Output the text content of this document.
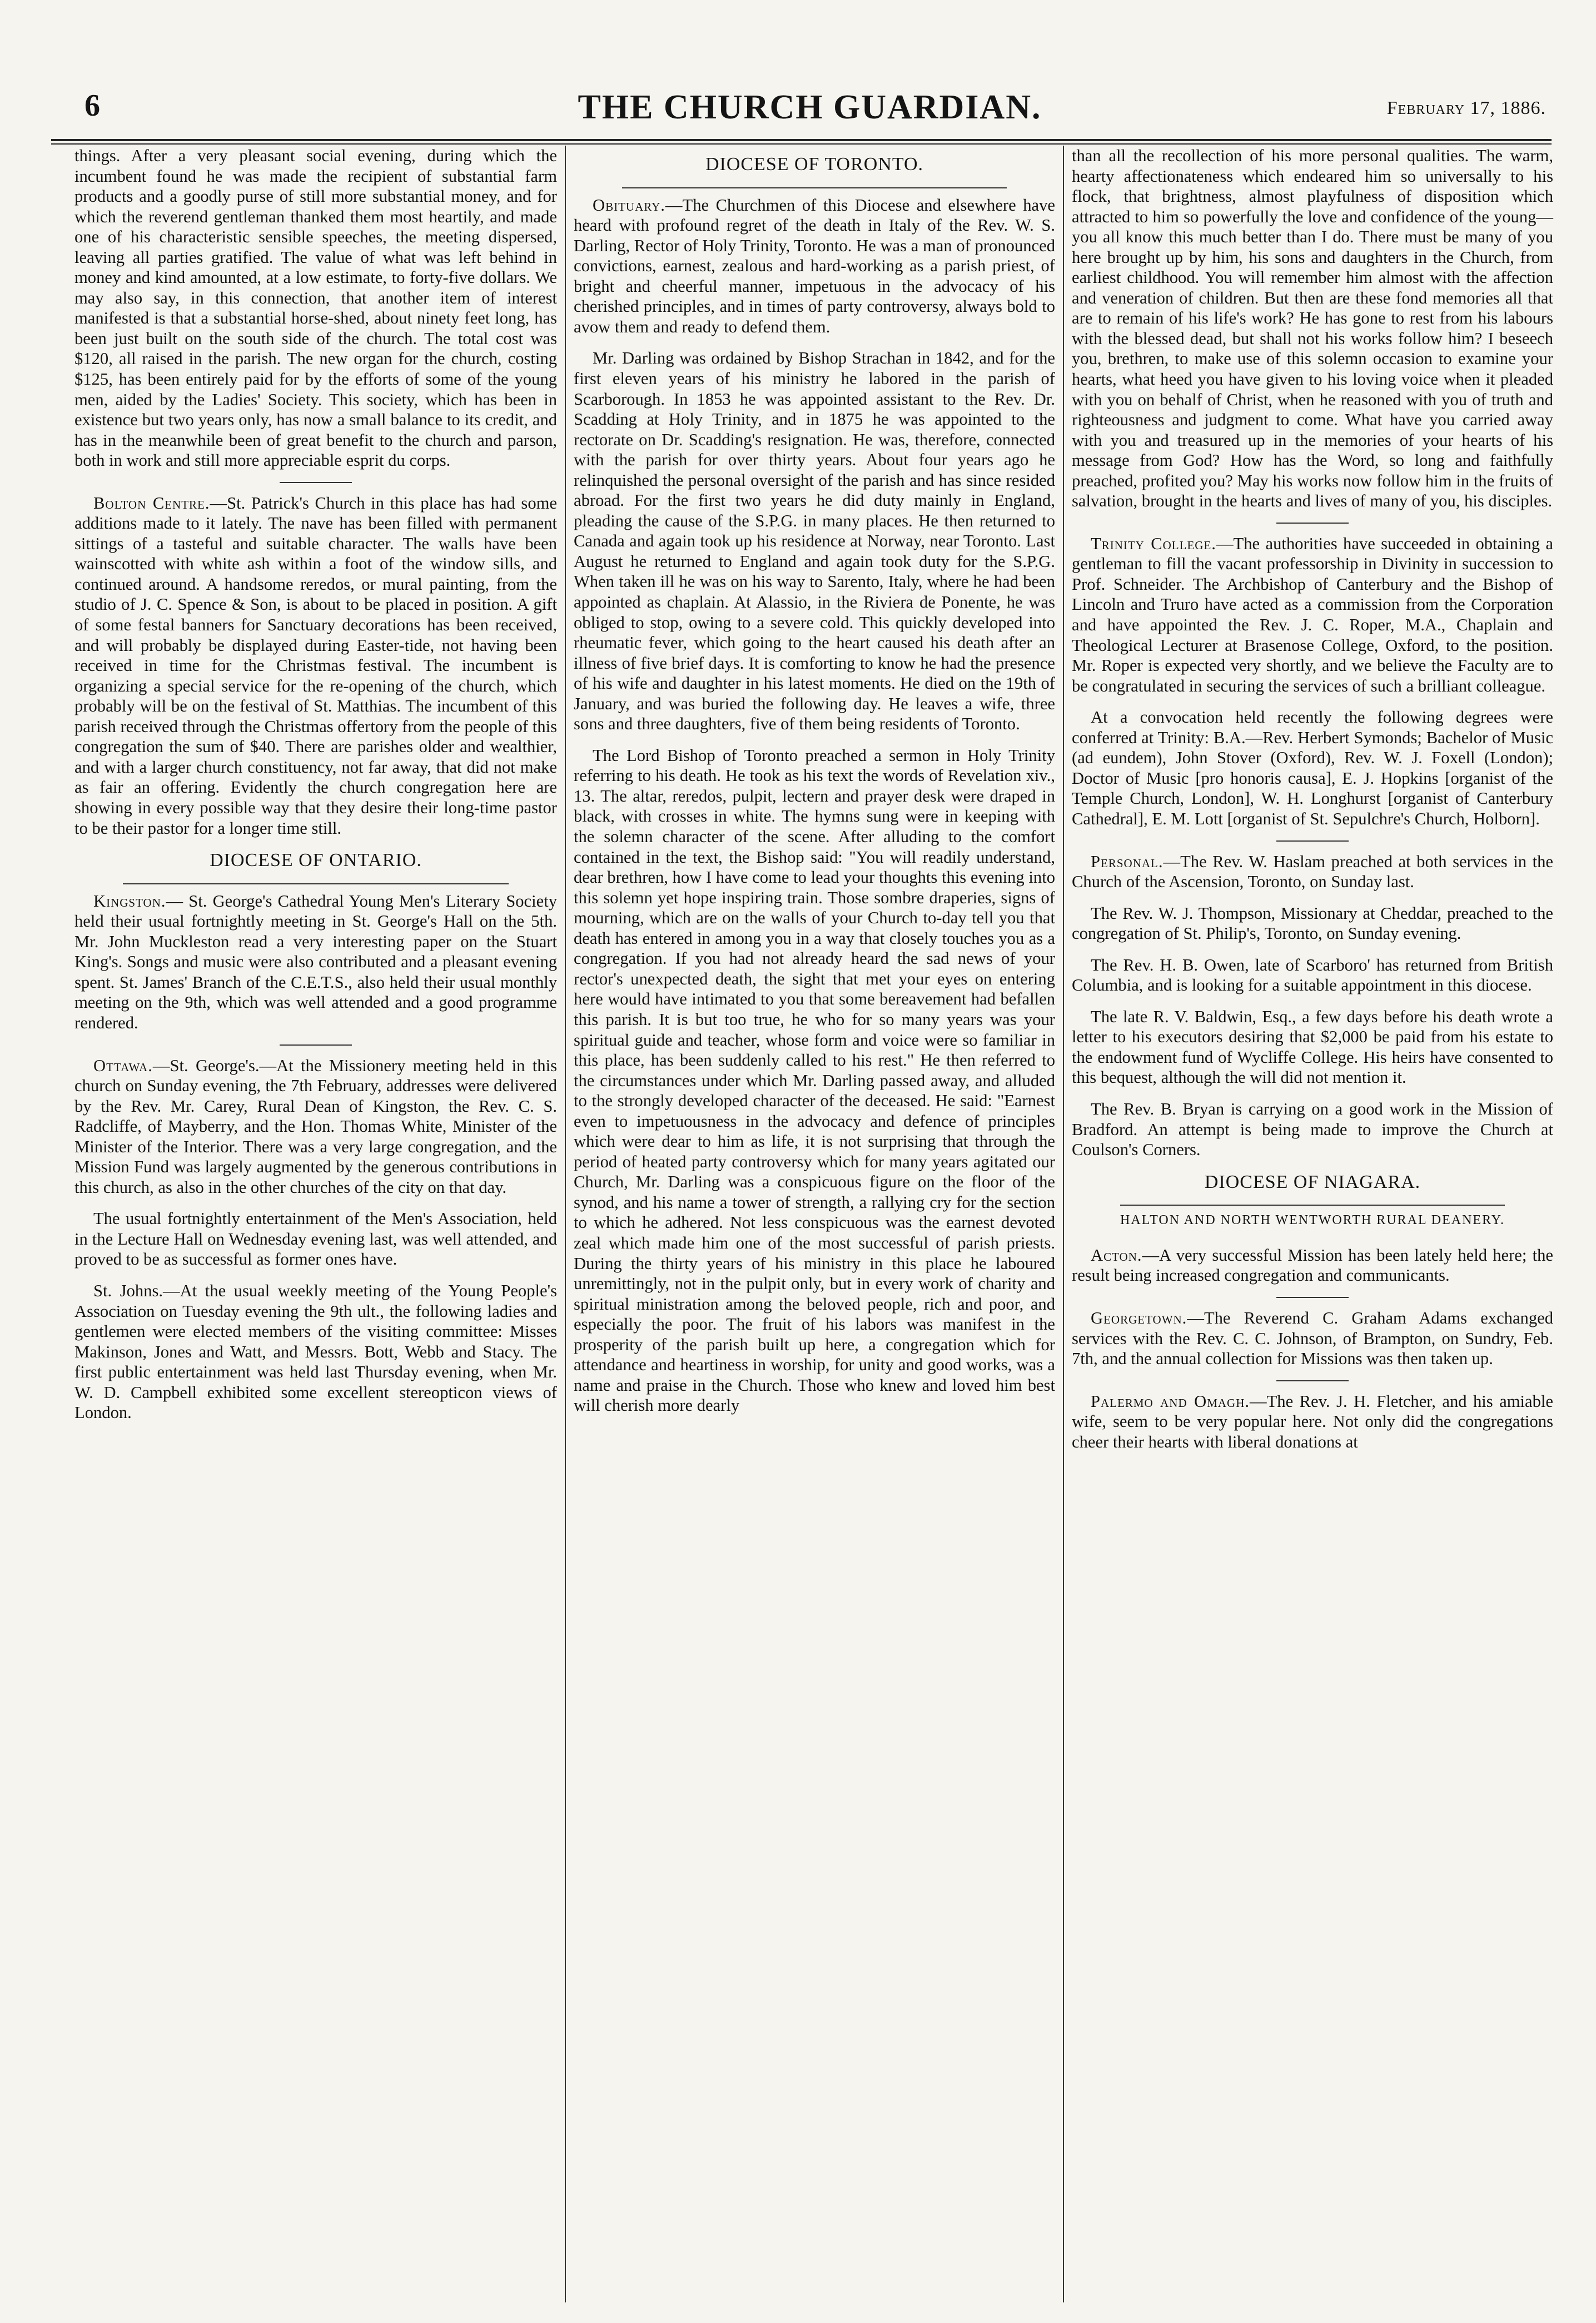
6	THE CHURCH GUARDIAN.	February 17, 1886.

things. After a very pleasant social evening, during which the incumbent found he was made the recipient of substantial farm products and a goodly purse of still more substantial money, and for which the reverend gentleman thanked them most heartily, and made one of his characteristic sensible speeches, the meeting dispersed, leaving all parties gratified. The value of what was left behind in money and kind amounted, at a low estimate, to forty-five dollars. We may also say, in this connection, that another item of interest manifested is that a substantial horse-shed, about ninety feet long, has been just built on the south side of the church. The total cost was $120, all raised in the parish. The new organ for the church, costing $125, has been entirely paid for by the efforts of some of the young men, aided by the Ladies' Society. This society, which has been in existence but two years only, has now a small balance to its credit, and has in the meanwhile been of great benefit to the church and parson, both in work and still more appreciable esprit du corps.

Bolton Centre.—St. Patrick's Church in this place has had some additions made to it lately. The nave has been filled with permanent sittings of a tasteful and suitable character. The walls have been wainscotted with white ash within a foot of the window sills, and continued around. A handsome reredos, or mural painting, from the studio of J. C. Spence & Son, is about to be placed in position. A gift of some festal banners for Sanctuary decorations has been received, and will probably be displayed during Easter-tide, not having been received in time for the Christmas festival. The incumbent is organizing a special service for the re-opening of the church, which probably will be on the festival of St. Matthias. The incumbent of this parish received through the Christmas offertory from the people of this congregation the sum of $40. There are parishes older and wealthier, and with a larger church constituency, not far away, that did not make as fair an offering. Evidently the church congregation here are showing in every possible way that they desire their long-time pastor to be their pastor for a longer time still.

DIOCESE OF ONTARIO.

Kingston.— St. George's Cathedral Young Men's Literary Society held their usual fortnightly meeting in St. George's Hall on the 5th. Mr. John Muckleston read a very interesting paper on the Stuart King's. Songs and music were also contributed and a pleasant evening spent. St. James' Branch of the C.E.T.S., also held their usual monthly meeting on the 9th, which was well attended and a good programme rendered.

Ottawa.—St. George's.—At the Missionery meeting held in this church on Sunday evening, the 7th February, addresses were delivered by the Rev. Mr. Carey, Rural Dean of Kingston, the Rev. C. S. Radcliffe, of Mayberry, and the Hon. Thomas White, Minister of the Minister of the Interior. There was a very large congregation, and the Mission Fund was largely augmented by the generous contributions in this church, as also in the other churches of the city on that day.

The usual fortnightly entertainment of the Men's Association, held in the Lecture Hall on Wednesday evening last, was well attended, and proved to be as successful as former ones have.

St. Johns.—At the usual weekly meeting of the Young People's Association on Tuesday evening the 9th ult., the following ladies and gentlemen were elected members of the visiting committee: Misses Makinson, Jones and Watt, and Messrs. Bott, Webb and Stacy. The first public entertainment was held last Thursday evening, when Mr. W. D. Campbell exhibited some excellent stereopticon views of London.

DIOCESE OF TORONTO.

Obituary.—The Churchmen of this Diocese and elsewhere have heard with profound regret of the death in Italy of the Rev. W. S. Darling, Rector of Holy Trinity, Toronto. He was a man of pronounced convictions, earnest, zealous and hard-working as a parish priest, of bright and cheerful manner, impetuous in the advocacy of his cherished principles, and in times of party controversy, always bold to avow them and ready to defend them.

Mr. Darling was ordained by Bishop Strachan in 1842, and for the first eleven years of his ministry he labored in the parish of Scarborough. In 1853 he was appointed assistant to the Rev. Dr. Scadding at Holy Trinity, and in 1875 he was appointed to the rectorate on Dr. Scadding's resignation. He was, therefore, connected with the parish for over thirty years. About four years ago he relinquished the personal oversight of the parish and has since resided abroad. For the first two years he did duty mainly in England, pleading the cause of the S.P.G. in many places. He then returned to Canada and again took up his residence at Norway, near Toronto. Last August he returned to England and again took duty for the S.P.G. When taken ill he was on his way to Sarento, Italy, where he had been appointed as chaplain. At Alassio, in the Riviera de Ponente, he was obliged to stop, owing to a severe cold. This quickly developed into rheumatic fever, which going to the heart caused his death after an illness of five brief days. It is comforting to know he had the presence of his wife and daughter in his latest moments. He died on the 19th of January, and was buried the following day. He leaves a wife, three sons and three daughters, five of them being residents of Toronto.

The Lord Bishop of Toronto preached a sermon in Holy Trinity referring to his death. He took as his text the words of Revelation xiv., 13. The altar, reredos, pulpit, lectern and prayer desk were draped in black, with crosses in white. The hymns sung were in keeping with the solemn character of the scene. After alluding to the comfort contained in the text, the Bishop said: "You will readily understand, dear brethren, how I have come to lead your thoughts this evening into this solemn yet hope inspiring train. Those sombre draperies, signs of mourning, which are on the walls of your Church to-day tell you that death has entered in among you in a way that closely touches you as a congregation. If you had not already heard the sad news of your rector's unexpected death, the sight that met your eyes on entering here would have intimated to you that some bereavement had befallen this parish. It is but too true, he who for so many years was your spiritual guide and teacher, whose form and voice were so familiar in this place, has been suddenly called to his rest." He then referred to the circumstances under which Mr. Darling passed away, and alluded to the strongly developed character of the deceased. He said: "Earnest even to impetuousness in the advocacy and defence of principles which were dear to him as life, it is not surprising that through the period of heated party controversy which for many years agitated our Church, Mr. Darling was a conspicuous figure on the floor of the synod, and his name a tower of strength, a rallying cry for the section to which he adhered. Not less conspicuous was the earnest devoted zeal which made him one of the most successful of parish priests. During the thirty years of his ministry in this place he laboured unremittingly, not in the pulpit only, but in every work of charity and spiritual ministration among the beloved people, rich and poor, and especially the poor. The fruit of his labors was manifest in the prosperity of the parish built up here, a congregation which for attendance and heartiness in worship, for unity and good works, was a name and praise in the Church. Those who knew and loved him best will cherish more dearly

than all the recollection of his more personal qualities. The warm, hearty affectionateness which endeared him so universally to his flock, that brightness, almost playfulness of disposition which attracted to him so powerfully the love and confidence of the young—you all know this much better than I do. There must be many of you here brought up by him, his sons and daughters in the Church, from earliest childhood. You will remember him almost with the affection and veneration of children. But then are these fond memories all that are to remain of his life's work? He has gone to rest from his labours with the blessed dead, but shall not his works follow him? I beseech you, brethren, to make use of this solemn occasion to examine your hearts, what heed you have given to his loving voice when it pleaded with you on behalf of Christ, when he reasoned with you of truth and righteousness and judgment to come. What have you carried away with you and treasured up in the memories of your hearts of his message from God? How has the Word, so long and faithfully preached, profited you? May his works now follow him in the fruits of salvation, brought in the hearts and lives of many of you, his disciples.

Trinity College.—The authorities have succeeded in obtaining a gentleman to fill the vacant professorship in Divinity in succession to Prof. Schneider. The Archbishop of Canterbury and the Bishop of Lincoln and Truro have acted as a commission from the Corporation and have appointed the Rev. J. C. Roper, M.A., Chaplain and Theological Lecturer at Brasenose College, Oxford, to the position. Mr. Roper is expected very shortly, and we believe the Faculty are to be congratulated in securing the services of such a brilliant colleague.

At a convocation held recently the following degrees were conferred at Trinity: B.A.—Rev. Herbert Symonds; Bachelor of Music (ad eundem), John Stover (Oxford), Rev. W. J. Foxell (London); Doctor of Music [pro honoris causa], E. J. Hopkins [organist of the Temple Church, London], W. H. Longhurst [organist of Canterbury Cathedral], E. M. Lott [organist of St. Sepulchre's Church, Holborn].

Personal.—The Rev. W. Haslam preached at both services in the Church of the Ascension, Toronto, on Sunday last.

The Rev. W. J. Thompson, Missionary at Cheddar, preached to the congregation of St. Philip's, Toronto, on Sunday evening.

The Rev. H. B. Owen, late of Scarboro' has returned from British Columbia, and is looking for a suitable appointment in this diocese.

The late R. V. Baldwin, Esq., a few days before his death wrote a letter to his executors desiring that $2,000 be paid from his estate to the endowment fund of Wycliffe College. His heirs have consented to this bequest, although the will did not mention it.

The Rev. B. Bryan is carrying on a good work in the Mission of Bradford. An attempt is being made to improve the Church at Coulson's Corners.

DIOCESE OF NIAGARA.
HALTON AND NORTH WENTWORTH RURAL DEANERY.

Acton.—A very successful Mission has been lately held here; the result being increased congregation and communicants.

Georgetown.—The Reverend C. Graham Adams exchanged services with the Rev. C. C. Johnson, of Brampton, on Sundry, Feb. 7th, and the annual collection for Missions was then taken up.

Palermo and Omagh.—The Rev. J. H. Fletcher, and his amiable wife, seem to be very popular here. Not only did the congregations cheer their hearts with liberal donations at
